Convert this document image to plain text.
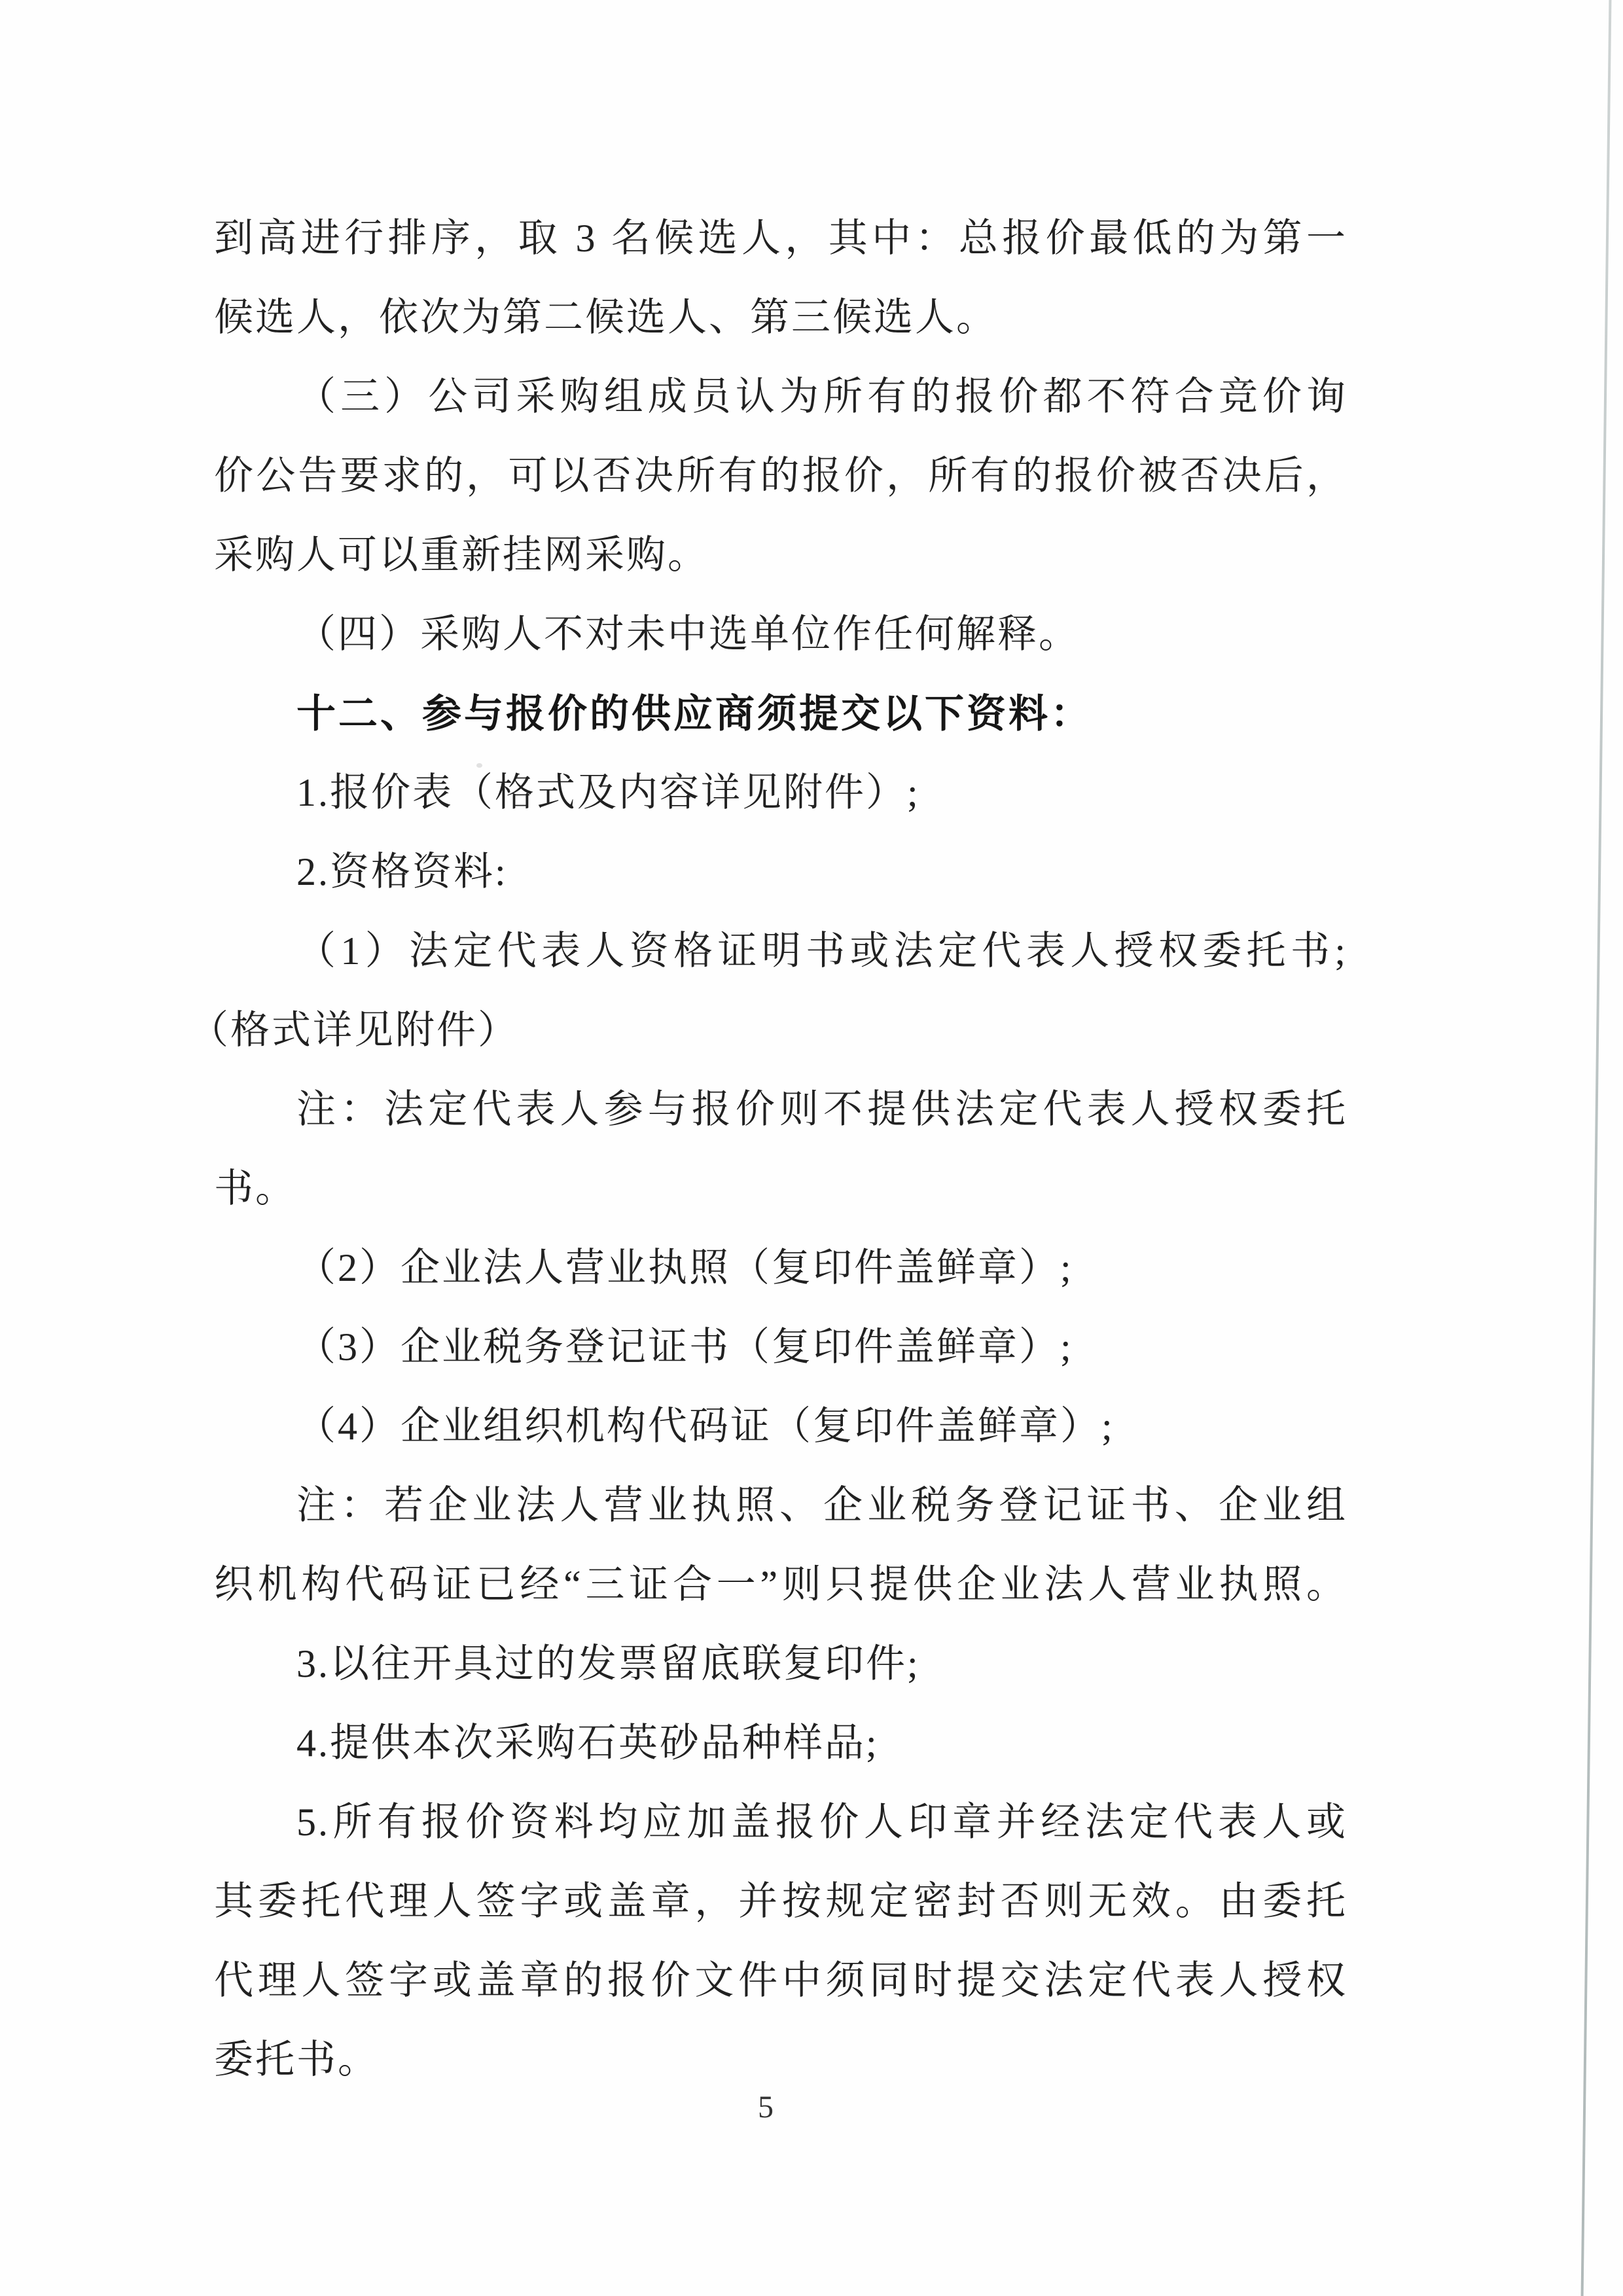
到高进行排序，取 3 名候选人，其中：总报价最低的为第一
候选人，依次为第二候选人、第三候选人。
（三）公司采购组成员认为所有的报价都不符合竞价询
价公告要求的，可以否决所有的报价，所有的报价被否决后，
采购人可以重新挂网采购。
（四）采购人不对未中选单位作任何解释。
十二、参与报价的供应商须提交以下资料：
1.报价表（格式及内容详见附件）;
2.资格资料:
（1）法定代表人资格证明书或法定代表人授权委托书;
（格式详见附件）
注：法定代表人参与报价则不提供法定代表人授权委托
书。
（2）企业法人营业执照（复印件盖鲜章）;
（3）企业税务登记证书（复印件盖鲜章）;
（4）企业组织机构代码证（复印件盖鲜章）;
注：若企业法人营业执照、企业税务登记证书、企业组
织机构代码证已经“三证合一”则只提供企业法人营业执照。
3.以往开具过的发票留底联复印件;
4.提供本次采购石英砂品种样品;
5.所有报价资料均应加盖报价人印章并经法定代表人或
其委托代理人签字或盖章，并按规定密封否则无效。由委托
代理人签字或盖章的报价文件中须同时提交法定代表人授权
委托书。
5
